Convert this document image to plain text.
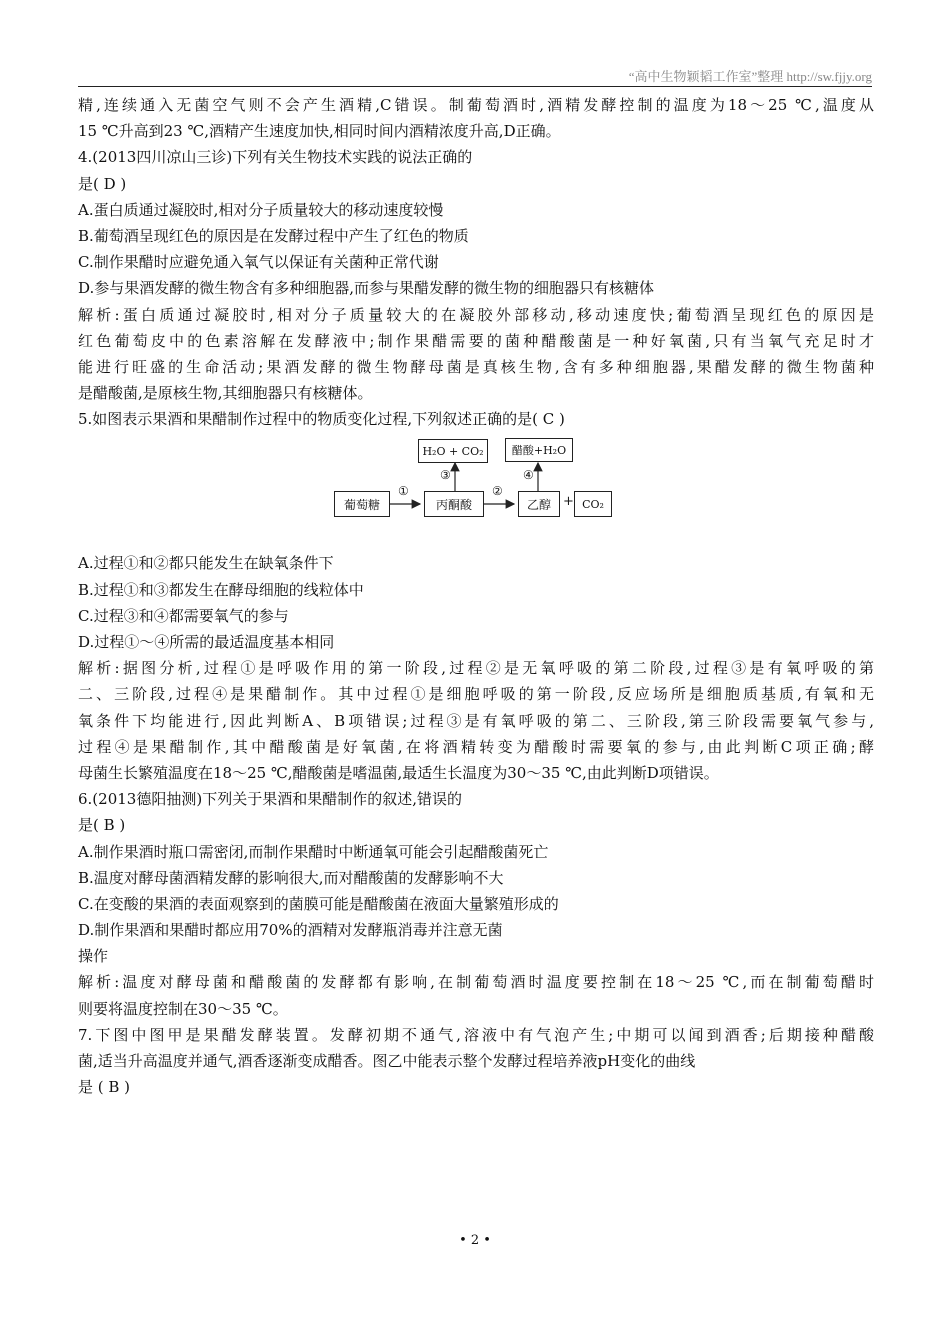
“高中生物颖韬工作室”整理 http://sw.fjjy.org
精,连续通入无菌空气则不会产生酒精,C错误。制葡萄酒时,酒精发酵控制的温度为18～25 ℃,温度从
15 ℃升高到23 ℃,酒精产生速度加快,相同时间内酒精浓度升高,D正确。
4.(2013四川凉山三诊)下列有关生物技术实践的说法正确的
是( D )
A.蛋白质通过凝胶时,相对分子质量较大的移动速度较慢
B.葡萄酒呈现红色的原因是在发酵过程中产生了红色的物质
C.制作果醋时应避免通入氧气以保证有关菌种正常代谢
D.参与果酒发酵的微生物含有多种细胞器,而参与果醋发酵的微生物的细胞器只有核糖体
解析:蛋白质通过凝胶时,相对分子质量较大的在凝胶外部移动,移动速度快;葡萄酒呈现红色的原因是
红色葡萄皮中的色素溶解在发酵液中;制作果醋需要的菌种醋酸菌是一种好氧菌,只有当氧气充足时才
能进行旺盛的生命活动;果酒发酵的微生物酵母菌是真核生物,含有多种细胞器,果醋发酵的微生物菌种
是醋酸菌,是原核生物,其细胞器只有核糖体。
5.如图表示果酒和果醋制作过程中的物质变化过程,下列叙述正确的是( C )
A.过程①和②都只能发生在缺氧条件下
B.过程①和③都发生在酵母细胞的线粒体中
C.过程③和④都需要氧气的参与
D.过程①～④所需的最适温度基本相同
解析:据图分析,过程①是呼吸作用的第一阶段,过程②是无氧呼吸的第二阶段,过程③是有氧呼吸的第
二、三阶段,过程④是果醋制作。其中过程①是细胞呼吸的第一阶段,反应场所是细胞质基质,有氧和无
氧条件下均能进行,因此判断A、B项错误;过程③是有氧呼吸的第二、三阶段,第三阶段需要氧气参与,
过程④是果醋制作,其中醋酸菌是好氧菌,在将酒精转变为醋酸时需要氧的参与,由此判断C项正确;酵
母菌生长繁殖温度在18～25 ℃,醋酸菌是嗜温菌,最适生长温度为30～35 ℃,由此判断D项错误。
6.(2013德阳抽测)下列关于果酒和果醋制作的叙述,错误的
是( B )
A.制作果酒时瓶口需密闭,而制作果醋时中断通氧可能会引起醋酸菌死亡
B.温度对酵母菌酒精发酵的影响很大,而对醋酸菌的发酵影响不大
C.在变酸的果酒的表面观察到的菌膜可能是醋酸菌在液面大量繁殖形成的
D.制作果酒和果醋时都应用70%的酒精对发酵瓶消毒并注意无菌
操作
解析:温度对酵母菌和醋酸菌的发酵都有影响,在制葡萄酒时温度要控制在18～25 ℃,而在制葡萄醋时
则要将温度控制在30～35 ℃。
7.下图中图甲是果醋发酵装置。发酵初期不通气,溶液中有气泡产生;中期可以闻到酒香;后期接种醋酸
菌,适当升高温度并通气,酒香逐渐变成醋香。图乙中能表示整个发酵过程培养液pH变化的曲线
是 ( B )
H₂O + CO₂	醋酸+H₂O
葡萄糖	丙酮酸	乙醇	CO₂
①	②
③	④
+
• 2 •
